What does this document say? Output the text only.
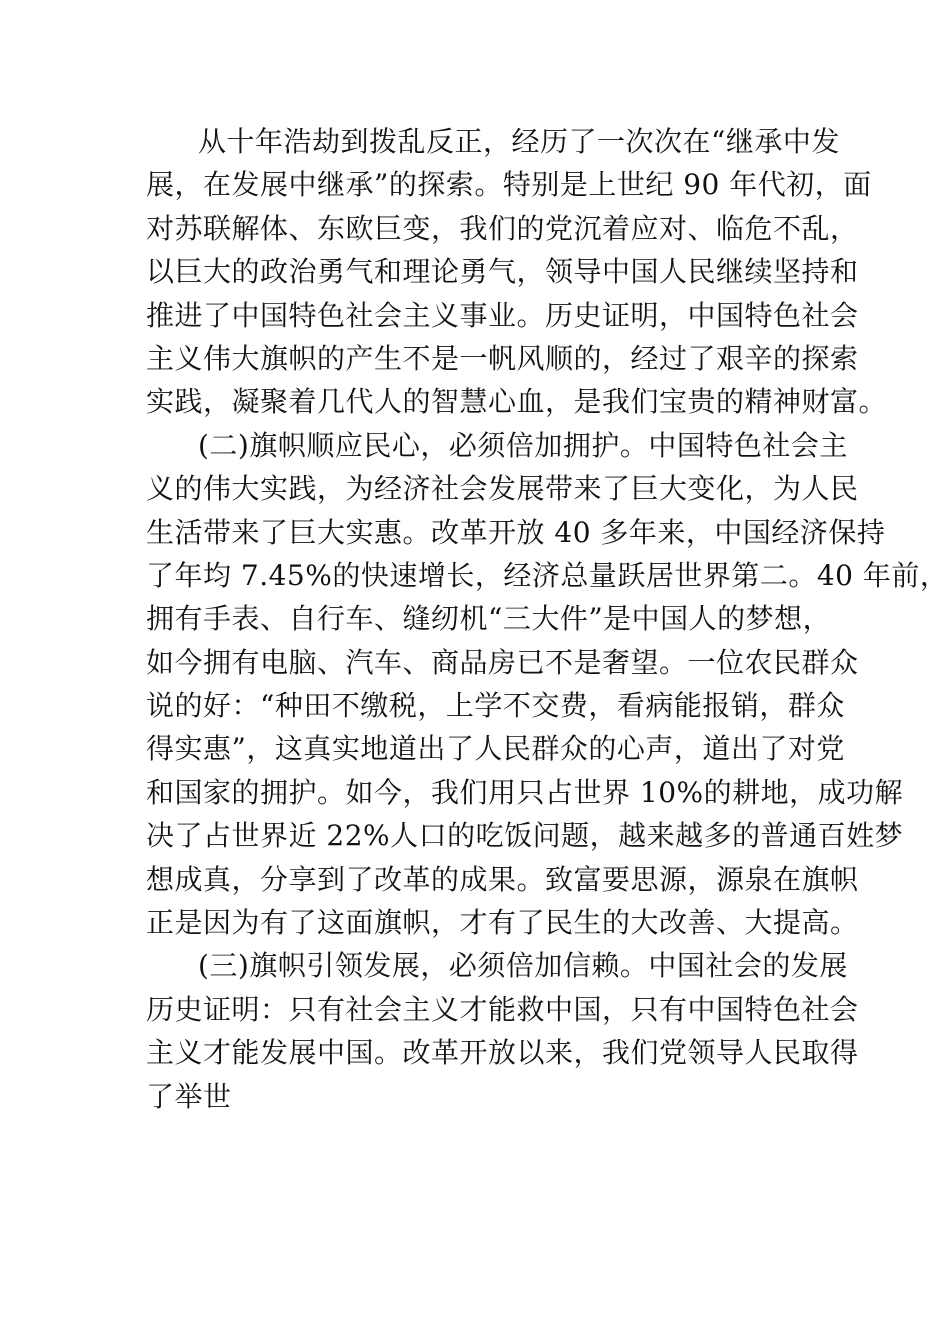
从十年浩劫到拨乱反正，经历了一次次在“继承中发
展，在发展中继承”的探索。特别是上世纪 90 年代初，面
对苏联解体、东欧巨变，我们的党沉着应对、临危不乱，
以巨大的政治勇气和理论勇气，领导中国人民继续坚持和
推进了中国特色社会主义事业。历史证明，中国特色社会
主义伟大旗帜的产生不是一帆风顺的，经过了艰辛的探索
实践，凝聚着几代人的智慧心血，是我们宝贵的精神财富。
(二)旗帜顺应民心，必须倍加拥护。中国特色社会主
义的伟大实践，为经济社会发展带来了巨大变化，为人民
生活带来了巨大实惠。改革开放 40 多年来，中国经济保持
了年均 7.45%的快速增长，经济总量跃居世界第二。40 年前，
拥有手表、自行车、缝纫机“三大件”是中国人的梦想，
如今拥有电脑、汽车、商品房已不是奢望。一位农民群众
说的好：“种田不缴税，上学不交费，看病能报销，群众
得实惠”，这真实地道出了人民群众的心声，道出了对党
和国家的拥护。如今，我们用只占世界 10%的耕地，成功解
决了占世界近 22%人口的吃饭问题，越来越多的普通百姓梦
想成真，分享到了改革的成果。致富要思源，源泉在旗帜
正是因为有了这面旗帜，才有了民生的大改善、大提高。
(三)旗帜引领发展，必须倍加信赖。中国社会的发展
历史证明：只有社会主义才能救中国，只有中国特色社会
主义才能发展中国。改革开放以来，我们党领导人民取得
了举世
